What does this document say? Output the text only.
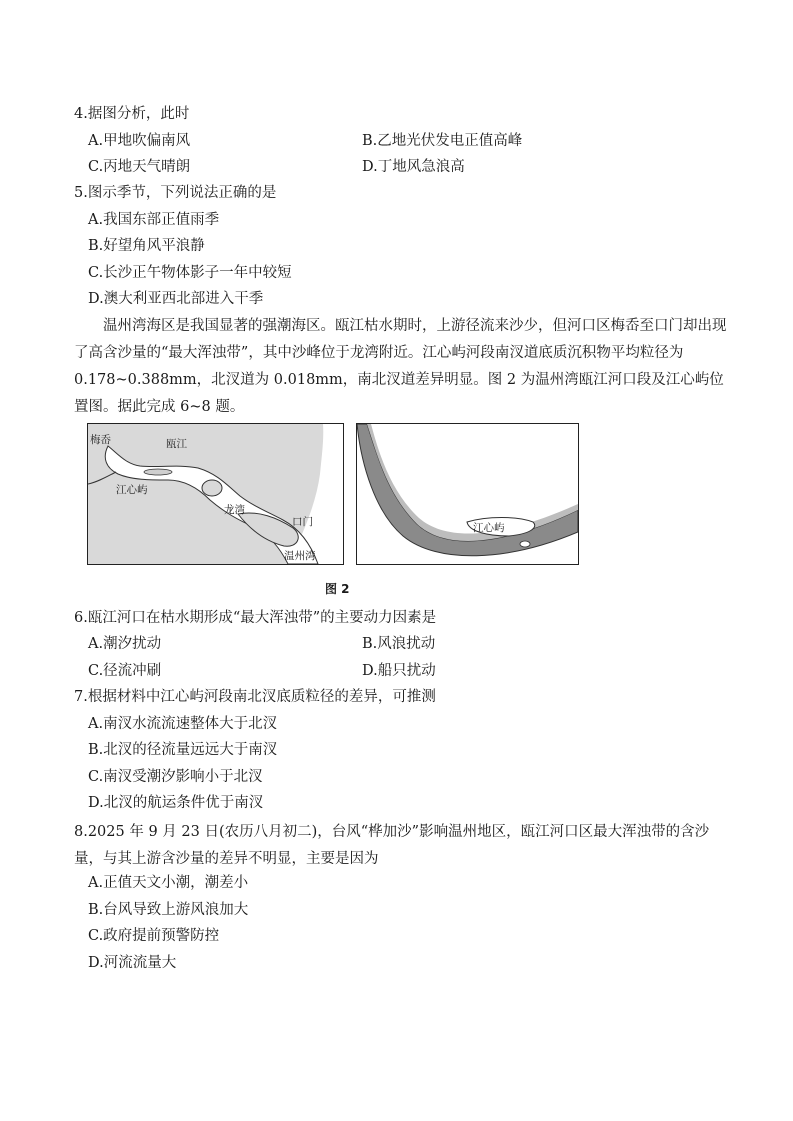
4.据图分析，此时
A.甲地吹偏南风	B.乙地光伏发电正值高峰
C.丙地天气晴朗	D.丁地风急浪高
5.图示季节，下列说法正确的是
A.我国东部正值雨季
B.好望角风平浪静
C.长沙正午物体影子一年中较短
D.澳大利亚西北部进入干季
温州湾海区是我国显著的强潮海区。瓯江枯水期时，上游径流来沙少，但河口区梅岙至口门却出现了高含沙量的“最大浑浊带”，其中沙峰位于龙湾附近。江心屿河段南汊道底质沉积物平均粒径为 0.178~0.388mm，北汊道为 0.018mm，南北汊道差异明显。图 2 为温州湾瓯江河口段及江心屿位置图。据此完成 6~8 题。
梅岙	瓯江
江心屿
龙湾
口门
温州湾
江心屿
图 2
6.瓯江河口在枯水期形成“最大浑浊带”的主要动力因素是
A.潮汐扰动	B.风浪扰动
C.径流冲刷	D.船只扰动
7.根据材料中江心屿河段南北汊底质粒径的差异，可推测
A.南汊水流流速整体大于北汊
B.北汊的径流量远远大于南汊
C.南汊受潮汐影响小于北汊
D.北汊的航运条件优于南汊
8.2025 年 9 月 23 日(农历八月初二)，台风“桦加沙”影响温州地区，瓯江河口区最大浑浊带的含沙量，与其上游含沙量的差异不明显，主要是因为
A.正值天文小潮，潮差小
B.台风导致上游风浪加大
C.政府提前预警防控
D.河流流量大
